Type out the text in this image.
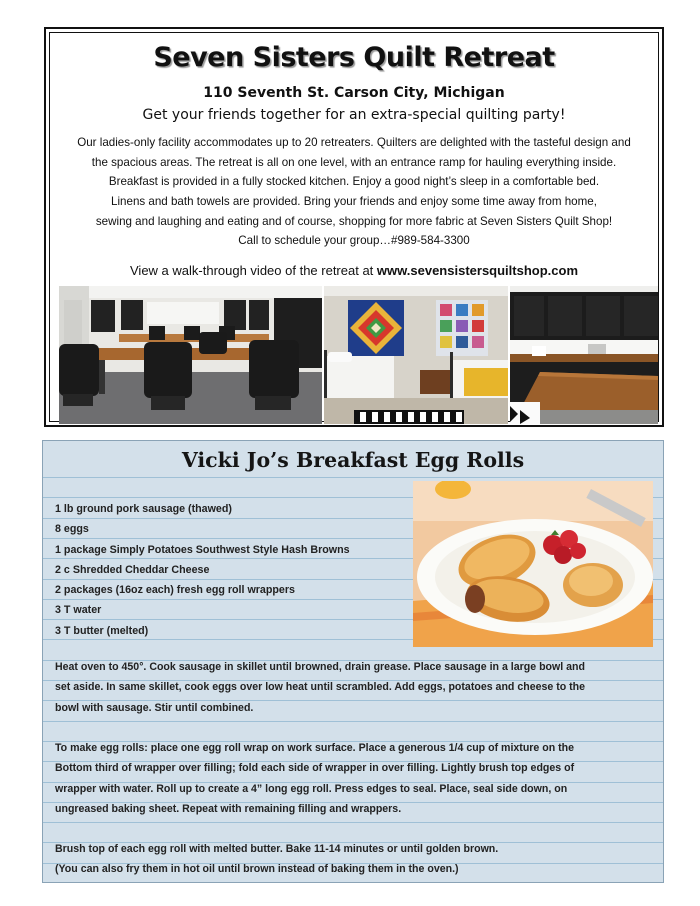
Seven Sisters Quilt Retreat
110 Seventh St. Carson City, Michigan
Get your friends together for an extra-special quilting party!
Our ladies-only facility accommodates up to 20 retreaters. Quilters are delighted with the tasteful design and
the spacious areas. The retreat is all on one level, with an entrance ramp for hauling everything inside.
Breakfast is provided in a fully stocked kitchen. Enjoy a good night’s sleep in a comfortable bed.
Linens and bath towels are provided. Bring your friends and enjoy some time away from home,
sewing and laughing and eating and of course, shopping for more fabric at Seven Sisters Quilt Shop!
Call to schedule your group…#989-584-3300
View a walk-through video of the retreat at www.sevensistersquiltshop.com
Vicki Jo’s Breakfast Egg Rolls
1 lb ground pork sausage (thawed)
8 eggs
1 package Simply Potatoes Southwest Style Hash Browns
2 c Shredded Cheddar Cheese
2 packages (16oz each) fresh egg roll wrappers
3 T water
3 T butter (melted)
Heat oven to 450°. Cook sausage in skillet until browned, drain grease. Place sausage in a large bowl and
set aside. In same skillet, cook eggs over low heat until scrambled. Add eggs, potatoes and cheese to the
bowl with sausage. Stir until combined.
To make egg rolls: place one egg roll wrap on work surface. Place a generous 1/4 cup of mixture on the
Bottom third of wrapper over filling; fold each side of wrapper in over filling. Lightly brush top edges of
wrapper with water. Roll up to create a 4” long egg roll. Press edges to seal. Place, seal side down, on
ungreased baking sheet. Repeat with remaining filling and wrappers.
Brush top of each egg roll with melted butter. Bake 11-14 minutes or until golden brown.
(You can also fry them in hot oil until brown instead of baking them in the oven.)
